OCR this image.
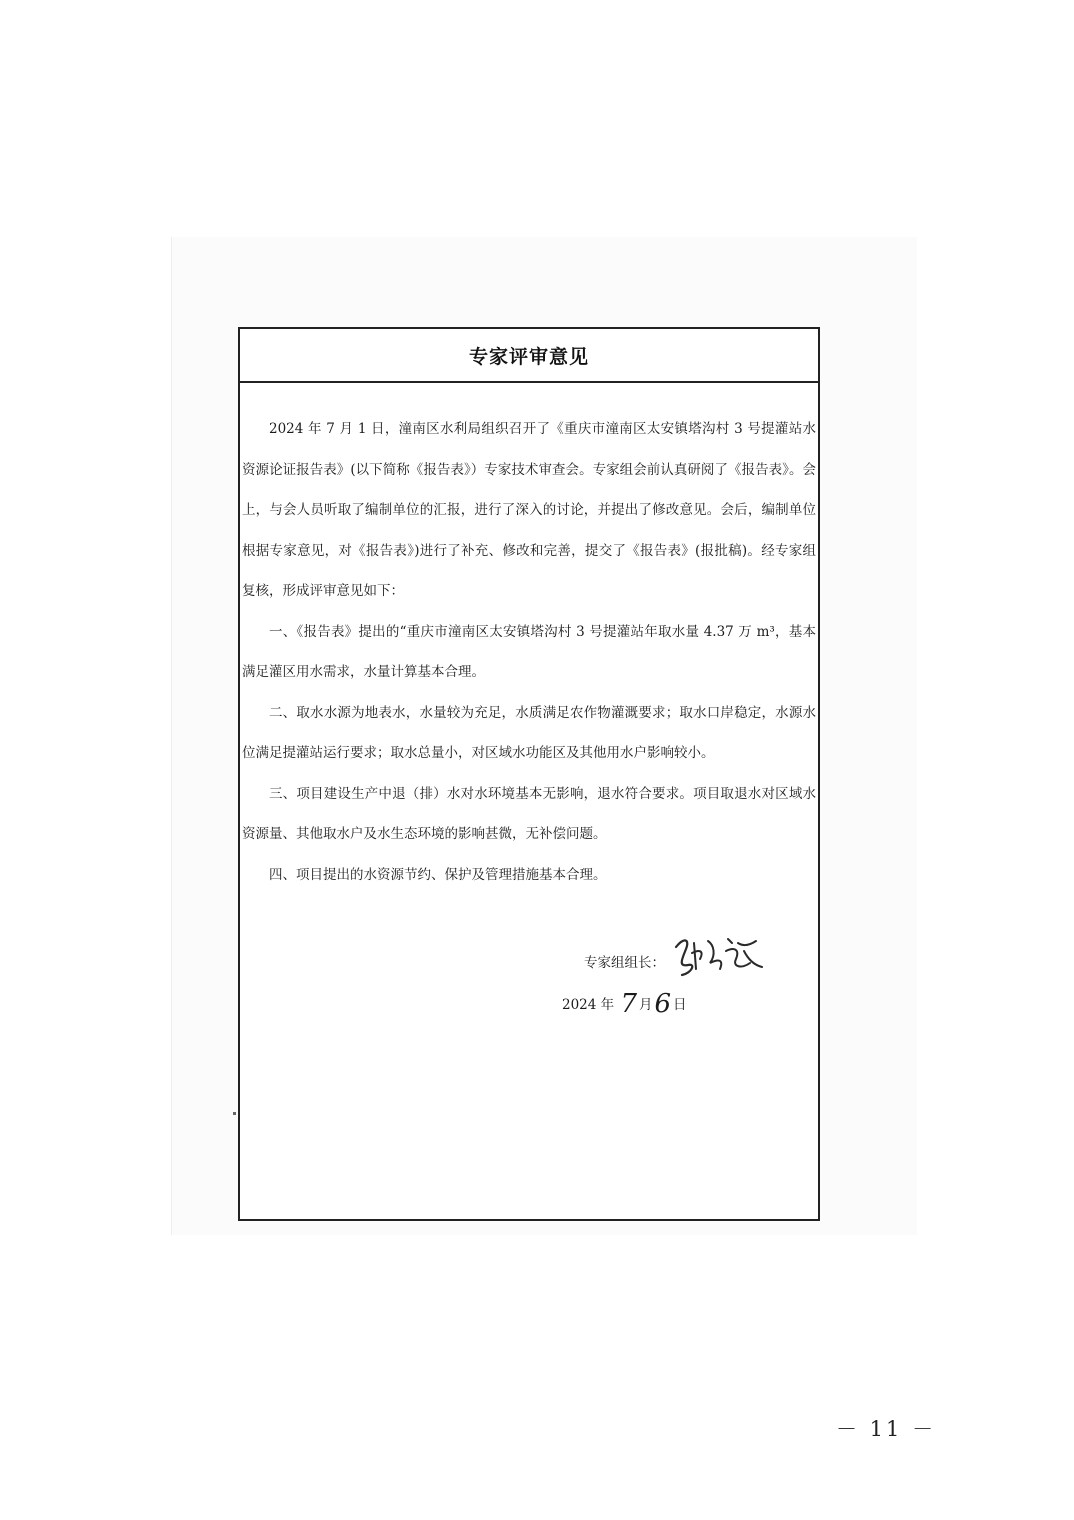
专家评审意见

2024 年 7 月 1 日，潼南区水利局组织召开了《重庆市潼南区太安镇塔沟村 3 号提灌站水资源论证报告表》(以下简称《报告表》）专家技术审查会。专家组会前认真研阅了《报告表》。会上，与会人员听取了编制单位的汇报，进行了深入的讨论，并提出了修改意见。会后，编制单位根据专家意见，对《报告表》)进行了补充、修改和完善，提交了《报告表》(报批稿)。经专家组复核，形成评审意见如下：

一、《报告表》提出的“重庆市潼南区太安镇塔沟村 3 号提灌站年取水量 4.37 万 m³，基本满足灌区用水需求，水量计算基本合理。

二、取水水源为地表水，水量较为充足，水质满足农作物灌溉要求；取水口岸稳定，水源水位满足提灌站运行要求；取水总量小，对区域水功能区及其他用水户影响较小。

三、项目建设生产中退（排）水对水环境基本无影响，退水符合要求。项目取退水对区域水资源量、其他取水户及水生态环境的影响甚微，无补偿问题。

四、项目提出的水资源节约、保护及管理措施基本合理。

专家组组长：
2024 年 7 月6 日
－ 11 －
